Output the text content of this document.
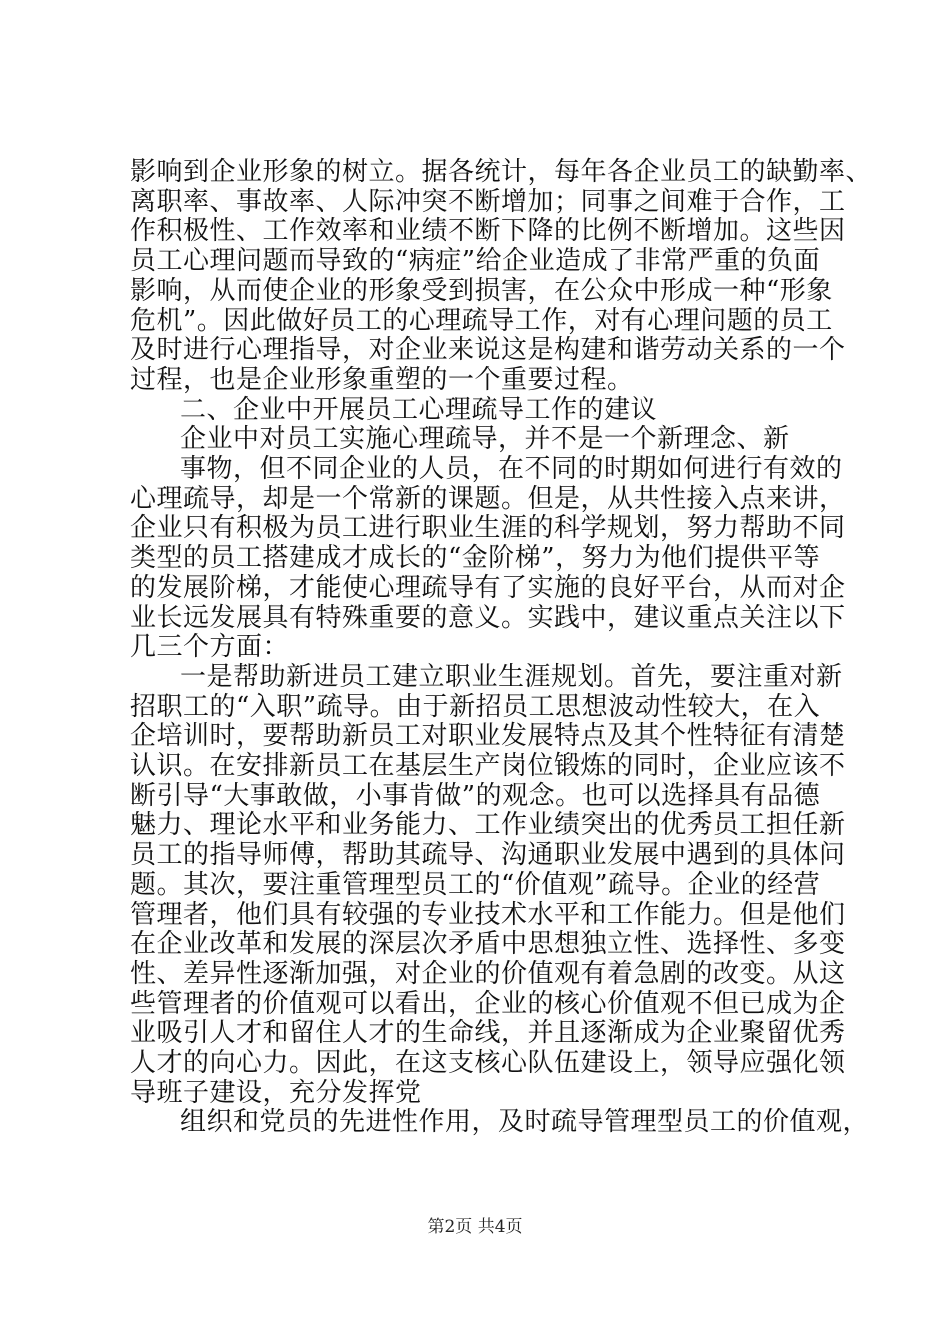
影响到企业形象的树立。据各统计，每年各企业员工的缺勤率、
离职率、事故率、人际冲突不断增加；同事之间难于合作，工
作积极性、工作效率和业绩不断下降的比例不断增加。这些因
员工心理问题而导致的“病症”给企业造成了非常严重的负面
影响，从而使企业的形象受到损害，在公众中形成一种“形象
危机”。因此做好员工的心理疏导工作，对有心理问题的员工
及时进行心理指导，对企业来说这是构建和谐劳动关系的一个
过程，也是企业形象重塑的一个重要过程。
二、企业中开展员工心理疏导工作的建议
企业中对员工实施心理疏导，并不是一个新理念、新
事物，但不同企业的人员，在不同的时期如何进行有效的
心理疏导，却是一个常新的课题。但是，从共性接入点来讲，
企业只有积极为员工进行职业生涯的科学规划，努力帮助不同
类型的员工搭建成才成长的“金阶梯”，努力为他们提供平等
的发展阶梯，才能使心理疏导有了实施的良好平台，从而对企
业长远发展具有特殊重要的意义。实践中，建议重点关注以下
几三个方面：
一是帮助新进员工建立职业生涯规划。首先，要注重对新
招职工的“入职”疏导。由于新招员工思想波动性较大，在入
企培训时，要帮助新员工对职业发展特点及其个性特征有清楚
认识。在安排新员工在基层生产岗位锻炼的同时，企业应该不
断引导“大事敢做，小事肯做”的观念。也可以选择具有品德
魅力、理论水平和业务能力、工作业绩突出的优秀员工担任新
员工的指导师傅，帮助其疏导、沟通职业发展中遇到的具体问
题。其次，要注重管理型员工的“价值观”疏导。企业的经营
管理者，他们具有较强的专业技术水平和工作能力。但是他们
在企业改革和发展的深层次矛盾中思想独立性、选择性、多变
性、差异性逐渐加强，对企业的价值观有着急剧的改变。从这
些管理者的价值观可以看出，企业的核心价值观不但已成为企
业吸引人才和留住人才的生命线，并且逐渐成为企业聚留优秀
人才的向心力。因此，在这支核心队伍建设上，领导应强化领
导班子建设，充分发挥党
组织和党员的先进性作用，及时疏导管理型员工的价值观，
第2页 共4页
